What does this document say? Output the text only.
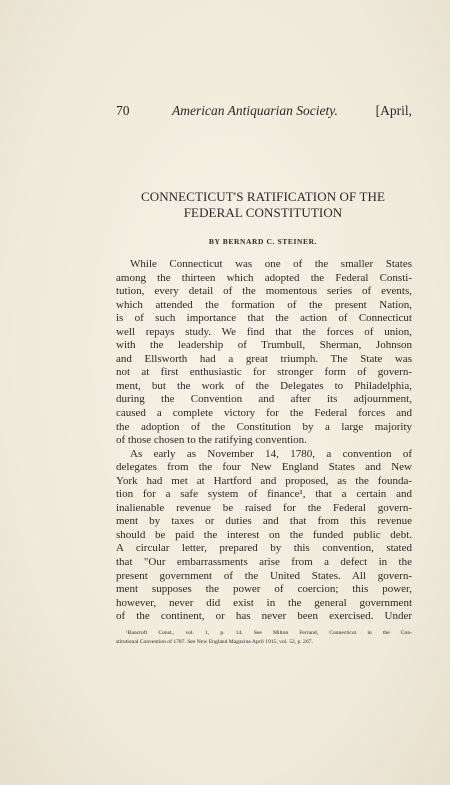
70	American Antiquarian Society.	[April,
CONNECTICUT'S RATIFICATION OF THE
FEDERAL CONSTITUTION
BY BERNARD C. STEINER.
While Connecticut was one of the smaller States
among the thirteen which adopted the Federal Consti-
tution, every detail of the momentous series of events,
which attended the formation of the present Nation,
is of such importance that the action of Connecticut
well repays study. We find that the forces of union,
with the leadership of Trumbull, Sherman, Johnson
and Ellsworth had a great triumph. The State was
not at first enthusiastic for stronger form of govern-
ment, but the work of the Delegates to Philadelphia,
during the Convention and after its adjournment,
caused a complete victory for the Federal forces and
the adoption of the Constitution by a large majority
of those chosen to the ratifying convention.
As early as November 14, 1780, a convention of
delegates from the four New England States and New
York had met at Hartford and proposed, as the founda-
tion for a safe system of finance¹, that a certain and
inalienable revenue be raised for the Federal govern-
ment by taxes or duties and that from this revenue
should be paid the interest on the funded public debt.
A circular letter, prepared by this convention, stated
that "Our embarrassments arise from a defect in the
present government of the United States. All govern-
ment supposes the power of coercion; this power,
however, never did exist in the general government
of the continent, or has never been exercised. Under
¹Bancroft Const., vol. 1, p. 14. See Milton Ferrand, Connecticut in the Con-
stitutional Convention of 1787. See New England Magazine April 1915, vol. 52, p. 267.
